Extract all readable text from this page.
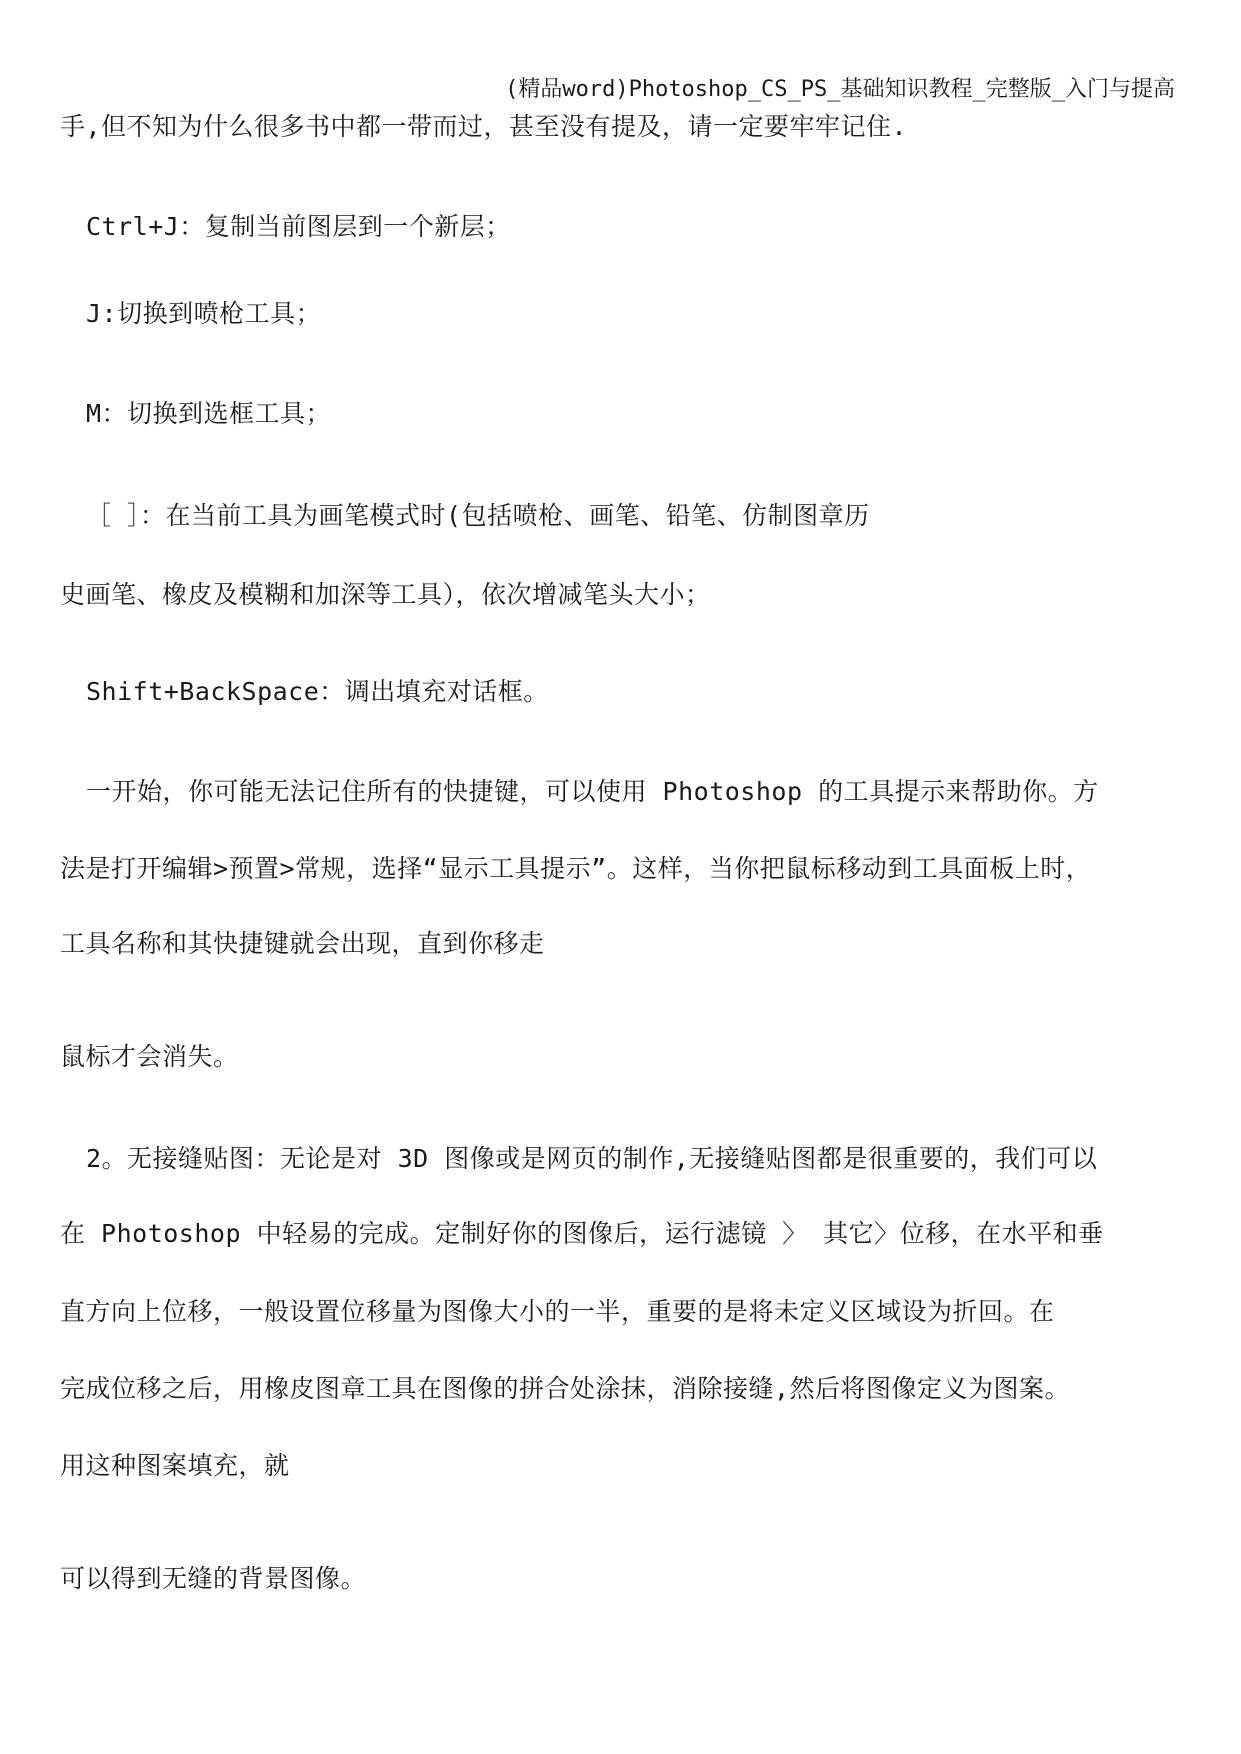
(精品word)Photoshop_CS_PS_基础知识教程_完整版_入门与提高
手,但不知为什么很多书中都一带而过，甚至没有提及，请一定要牢牢记住.
Ctrl+J：复制当前图层到一个新层；
J:切换到喷枪工具；
M：切换到选框工具；
［ ］：在当前工具为画笔模式时(包括喷枪、画笔、铅笔、仿制图章历
史画笔、橡皮及模糊和加深等工具），依次增减笔头大小；
Shift+BackSpace：调出填充对话框。
一开始，你可能无法记住所有的快捷键，可以使用 Photoshop 的工具提示来帮助你。方
法是打开编辑>预置>常规，选择“显示工具提示”。这样，当你把鼠标移动到工具面板上时，
工具名称和其快捷键就会出现，直到你移走
鼠标才会消失。
2。无接缝贴图：无论是对 3D 图像或是网页的制作,无接缝贴图都是很重要的，我们可以
在 Photoshop 中轻易的完成。定制好你的图像后，运行滤镜 〉 其它〉位移，在水平和垂
直方向上位移，一般设置位移量为图像大小的一半，重要的是将未定义区域设为折回。在
完成位移之后，用橡皮图章工具在图像的拼合处涂抹，消除接缝,然后将图像定义为图案。
用这种图案填充，就
可以得到无缝的背景图像。
